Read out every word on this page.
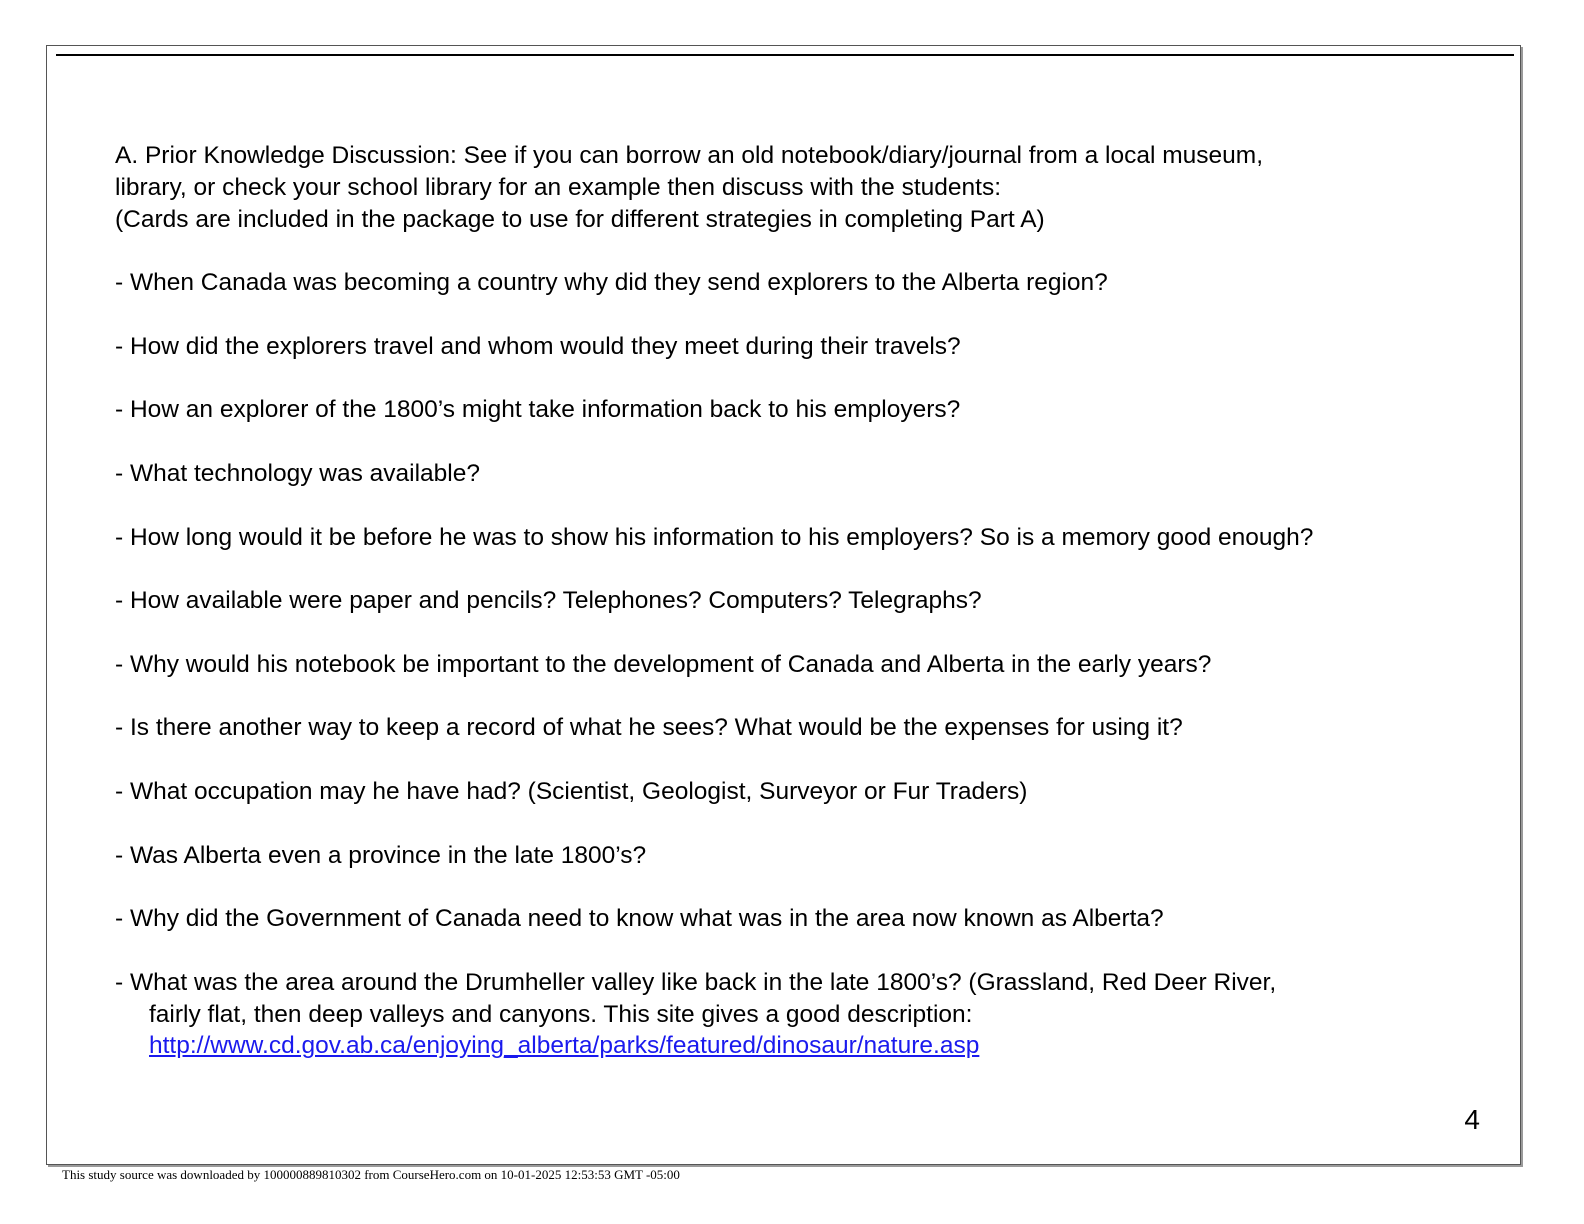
A. Prior Knowledge Discussion: See if you can borrow an old notebook/diary/journal from a local museum,
library, or check your school library for an example then discuss with the students:
(Cards are included in the package to use for different strategies in completing Part A)
- When Canada was becoming a country why did they send explorers to the Alberta region?
- How did the explorers travel and whom would they meet during their travels?
- How an explorer of the 1800’s might take information back to his employers?
- What technology was available?
- How long would it be before he was to show his information to his employers? So is a memory good enough?
- How available were paper and pencils? Telephones? Computers? Telegraphs?
- Why would his notebook be important to the development of Canada and Alberta in the early years?
- Is there another way to keep a record of what he sees? What would be the expenses for using it?
- What occupation may he have had? (Scientist, Geologist, Surveyor or Fur Traders)
- Was Alberta even a province in the late 1800’s?
- Why did the Government of Canada need to know what was in the area now known as Alberta?
- What was the area around the Drumheller valley like back in the late 1800’s? (Grassland, Red Deer River,
fairly flat, then deep valleys and canyons. This site gives a good description:
http://www.cd.gov.ab.ca/enjoying_alberta/parks/featured/dinosaur/nature.asp
4
This study source was downloaded by 100000889810302 from CourseHero.com on 10-01-2025 12:53:53 GMT -05:00
